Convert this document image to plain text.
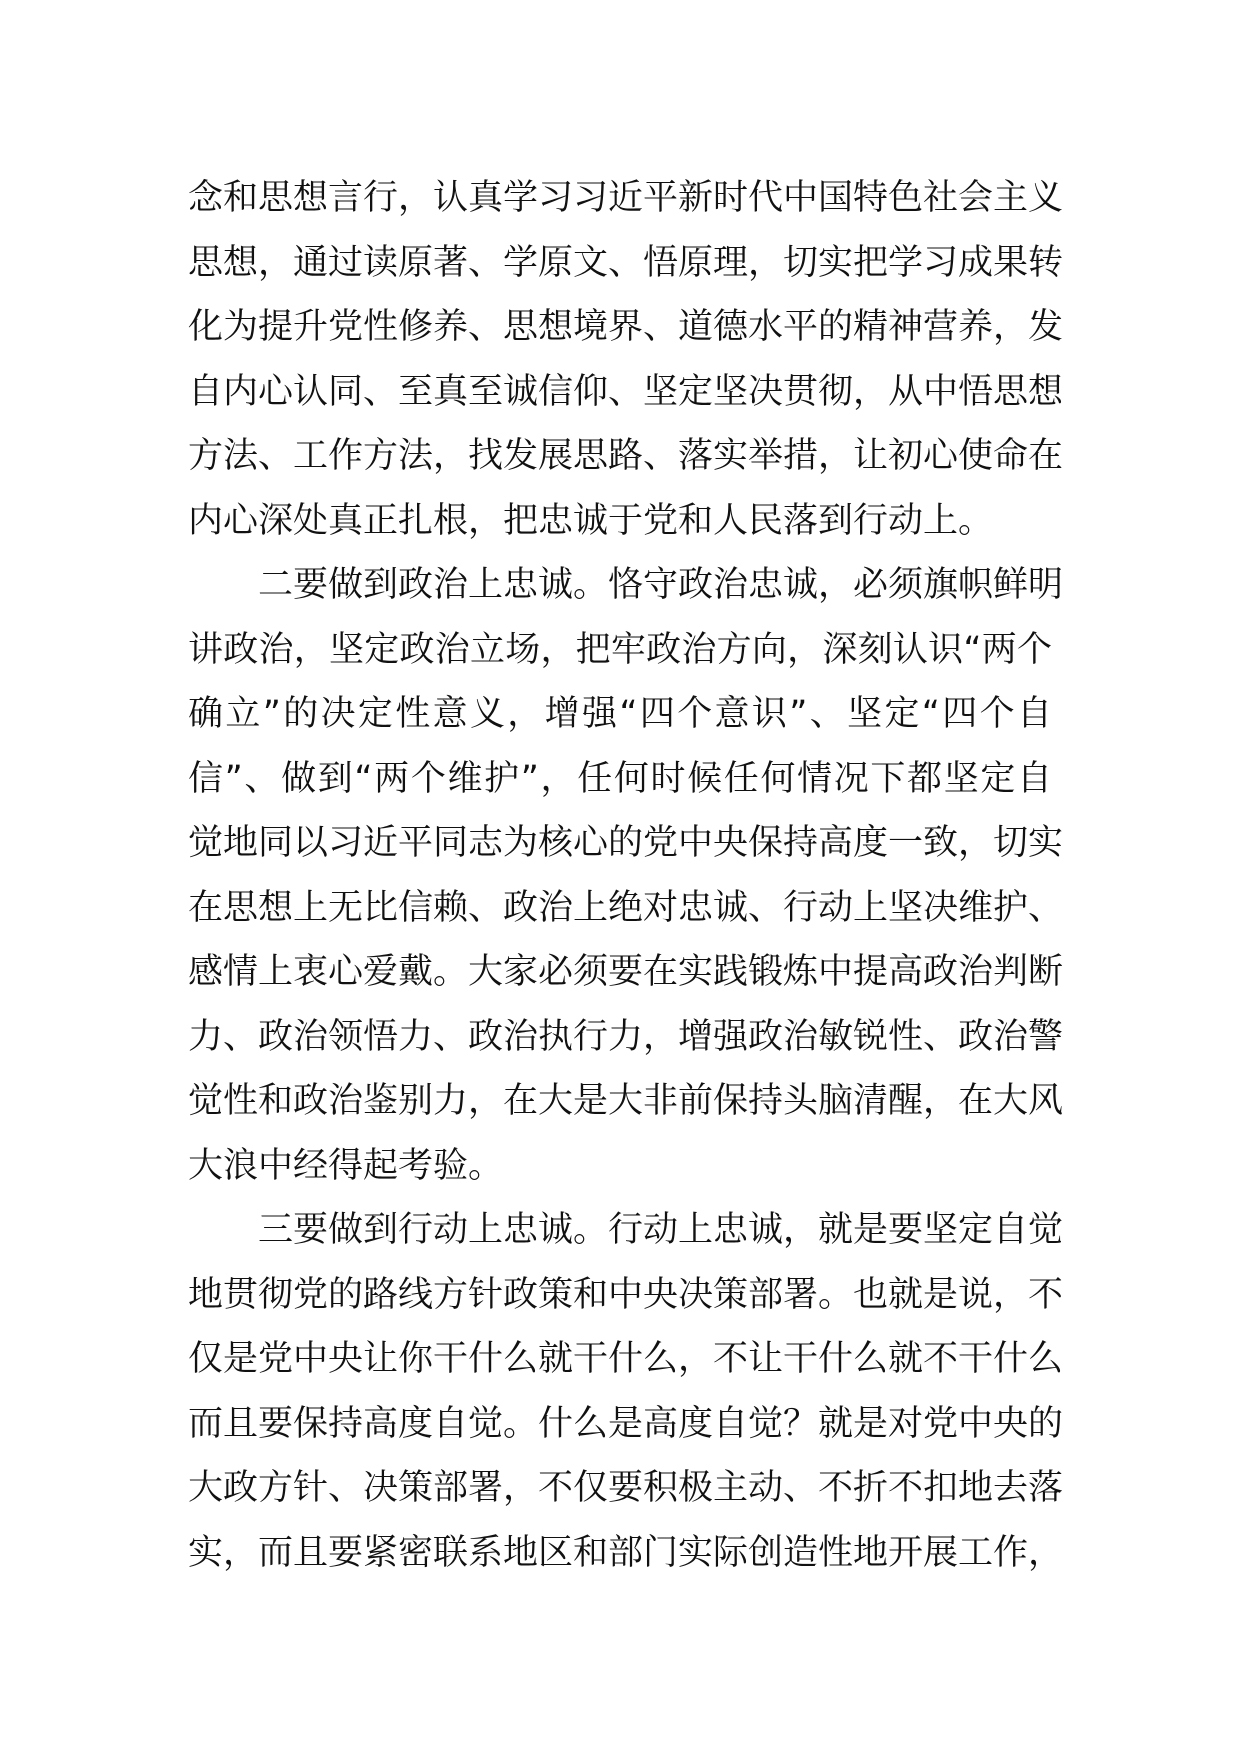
念和思想言行，认真学习习近平新时代中国特色社会主义
思想，通过读原著、学原文、悟原理，切实把学习成果转
化为提升党性修养、思想境界、道德水平的精神营养，发
自内心认同、至真至诚信仰、坚定坚决贯彻，从中悟思想
方法、工作方法，找发展思路、落实举措，让初心使命在
内心深处真正扎根，把忠诚于党和人民落到行动上。
二要做到政治上忠诚。恪守政治忠诚，必须旗帜鲜明
讲政治，坚定政治立场，把牢政治方向，深刻认识“两个
确立”的决定性意义，增强“四个意识”、坚定“四个自
信”、做到“两个维护”，任何时候任何情况下都坚定自
觉地同以习近平同志为核心的党中央保持高度一致，切实
在思想上无比信赖、政治上绝对忠诚、行动上坚决维护、
感情上衷心爱戴。大家必须要在实践锻炼中提高政治判断
力、政治领悟力、政治执行力，增强政治敏锐性、政治警
觉性和政治鉴别力，在大是大非前保持头脑清醒，在大风
大浪中经得起考验。
三要做到行动上忠诚。行动上忠诚，就是要坚定自觉
地贯彻党的路线方针政策和中央决策部署。也就是说，不
仅是党中央让你干什么就干什么，不让干什么就不干什么
而且要保持高度自觉。什么是高度自觉？就是对党中央的
大政方针、决策部署，不仅要积极主动、不折不扣地去落
实，而且要紧密联系地区和部门实际创造性地开展工作，
